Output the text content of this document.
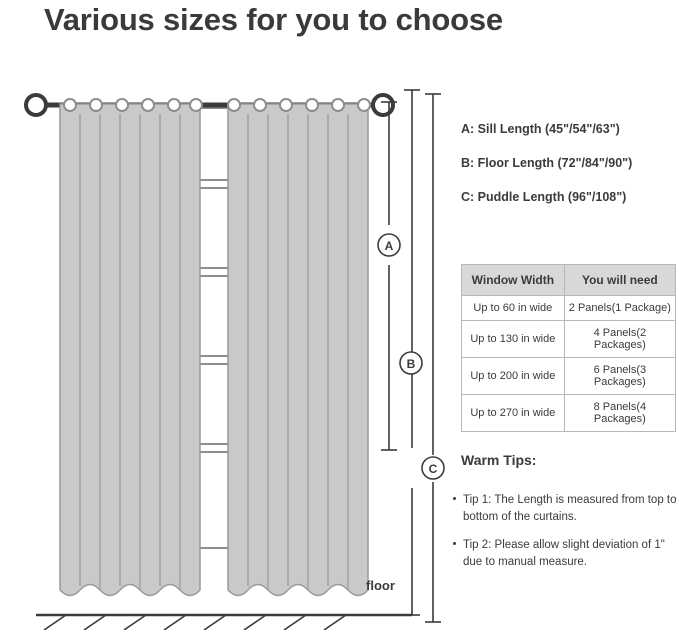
Various sizes for you to choose
A
B
C
floor
A: Sill Length (45"/54"/63")
B: Floor Length (72"/84"/90")
C: Puddle Length (96"/108")
Window Width	You will need
Up to 60 in wide	2 Panels(1 Package)
Up to 130 in wide	4 Panels(2 Packages)
Up to 200 in wide	6 Panels(3 Packages)
Up to 270 in wide	8 Panels(4 Packages)
Warm Tips:
Tip 1: The Length is measured from top to bottom of the curtains.
Tip 2: Please allow slight deviation of 1" due to manual measure.
